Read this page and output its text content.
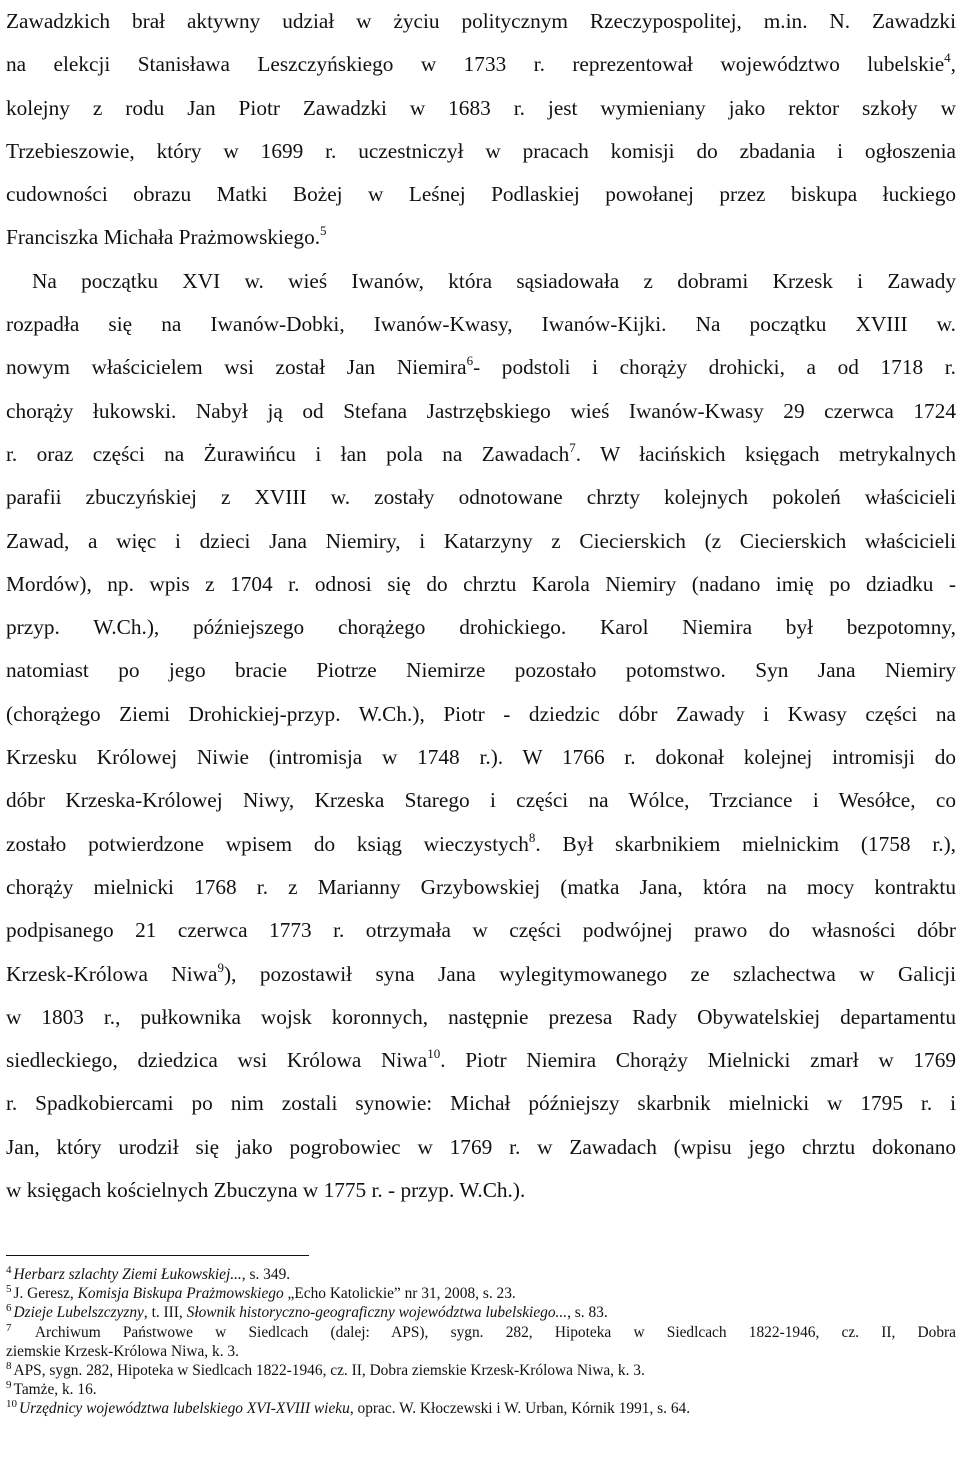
Zawadzkich brał aktywny udział w życiu politycznym Rzeczypospolitej, m.in. N. Zawadzki
na elekcji Stanisława Leszczyńskiego w 1733 r. reprezentował województwo lubelskie$^4$,
kolejny z rodu Jan Piotr Zawadzki w 1683 r. jest wymieniany jako rektor szkoły w
Trzebieszowie, który w 1699 r. uczestniczył w pracach komisji do zbadania i ogłoszenia
cudowności obrazu Matki Bożej w Leśnej Podlaskiej powołanej przez biskupa łuckiego
Franciszka Michała Prażmowskiego.$^5$
Na początku XVI w. wieś Iwanów, która sąsiadowała z dobrami Krzesk i Zawady
rozpadła się na Iwanów-Dobki, Iwanów-Kwasy, Iwanów-Kijki. Na początku XVIII w.
nowym właścicielem wsi został Jan Niemira$^6$- podstoli i chorąży drohicki, a od 1718 r.
chorąży łukowski. Nabył ją od Stefana Jastrzębskiego wieś Iwanów-Kwasy 29 czerwca 1724
r. oraz części na Żurawińcu i łan pola na Zawadach$^7$. W łacińskich księgach metrykalnych
parafii zbuczyńskiej z XVIII w. zostały odnotowane chrzty kolejnych pokoleń właścicieli
Zawad, a więc i dzieci Jana Niemiry, i Katarzyny z Ciecierskich (z Ciecierskich właścicieli
Mordów), np. wpis z 1704 r. odnosi się do chrztu Karola Niemiry (nadano imię po dziadku -
przyp. W.Ch.), późniejszego chorążego drohickiego. Karol Niemira był bezpotomny,
natomiast po jego bracie Piotrze Niemirze pozostało potomstwo. Syn Jana Niemiry
(chorążego Ziemi Drohickiej-przyp. W.Ch.), Piotr - dziedzic dóbr Zawady i Kwasy części na
Krzesku Królowej Niwie (intromisja w 1748 r.). W 1766 r. dokonał kolejnej intromisji do
dóbr Krzeska-Królowej Niwy, Krzeska Starego i części na Wólce, Trzciance i Wesółce, co
zostało potwierdzone wpisem do ksiąg wieczystych$^8$. Był skarbnikiem mielnickim (1758 r.),
chorąży mielnicki 1768 r. z Marianny Grzybowskiej (matka Jana, która na mocy kontraktu
podpisanego 21 czerwca 1773 r. otrzymała w części podwójnej prawo do własności dóbr
Krzesk-Królowa Niwa$^9$), pozostawił syna Jana wylegitymowanego ze szlachectwa w Galicji
w 1803 r., pułkownika wojsk koronnych, następnie prezesa Rady Obywatelskiej departamentu
siedleckiego, dziedzica wsi Królowa Niwa$^{10}$. Piotr Niemira Chorąży Mielnicki zmarł w 1769
r. Spadkobiercami po nim zostali synowie: Michał późniejszy skarbnik mielnicki w 1795 r. i
Jan, który urodził się jako pogrobowiec w 1769 r. w Zawadach (wpisu jego chrztu dokonano
w księgach kościelnych Zbuczyna w 1775 r. - przyp. W.Ch.).
$^4$ Herbarz szlachty Ziemi Łukowskiej..., s. 349.
$^5$ J. Geresz, Komisja Biskupa Prażmowskiego „Echo Katolickie” nr 31, 2008, s. 23.
$^6$ Dzieje Lubelszczyzny, t. III, Słownik historyczno-geograficzny województwa lubelskiego..., s. 83.
$^7$ Archiwum Państwowe w Siedlcach (dalej: APS), sygn. 282, Hipoteka w Siedlcach 1822-1946, cz. II, Dobra
ziemskie Krzesk-Królowa Niwa, k. 3.
$^8$ APS, sygn. 282, Hipoteka w Siedlcach 1822-1946, cz. II, Dobra ziemskie Krzesk-Królowa Niwa, k. 3.
$^9$ Tamże, k. 16.
$^{10}$ Urzędnicy województwa lubelskiego XVI-XVIII wieku, oprac. W. Kłoczewski i W. Urban, Kórnik 1991, s. 64.
